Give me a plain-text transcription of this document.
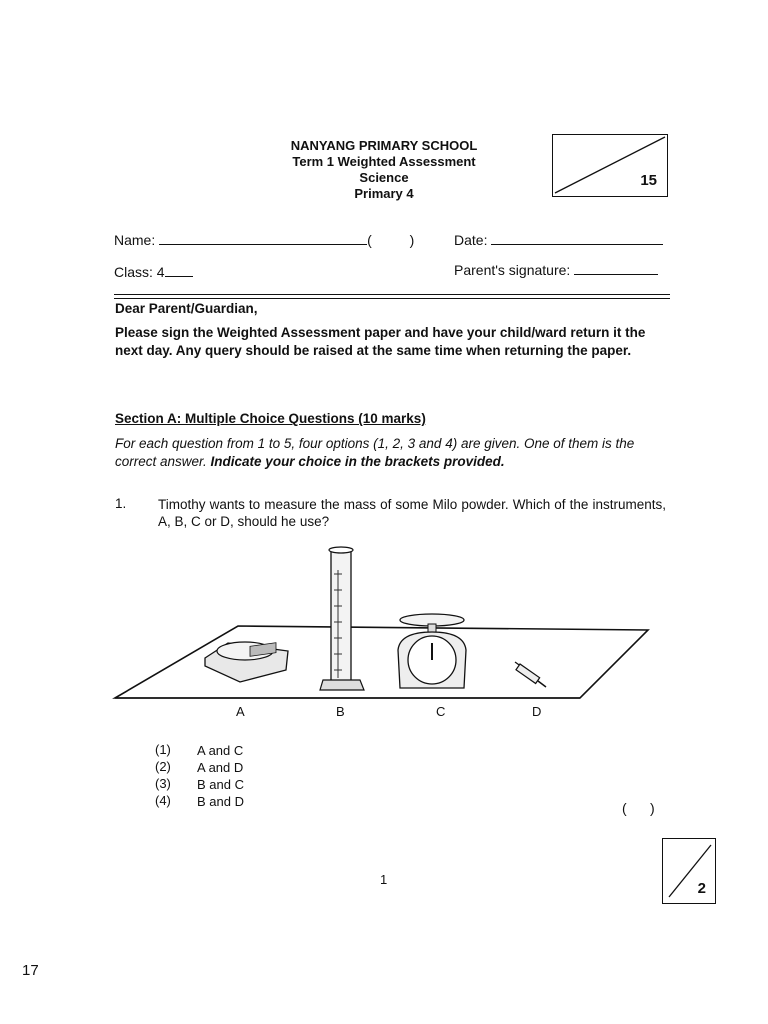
NANYANG PRIMARY SCHOOL
Term 1 Weighted Assessment
Science
Primary 4
15
Name:	(	)	Date:
Class: 4	Parent's signature:
Dear Parent/Guardian,
Please sign the Weighted Assessment paper and have your child/ward return it the next day. Any query should be raised at the same time when returning the paper.
Section A: Multiple Choice Questions (10 marks)
For each question from 1 to 5, four options (1, 2, 3 and 4) are given. One of them is the correct answer. Indicate your choice in the brackets provided.
1. Timothy wants to measure the mass of some Milo powder. Which of the instruments, A, B, C or D, should he use?
A	B	C	D
(1) A and C
(2) A and D
(3) B and C
(4) B and D	(      )
1
2
17
